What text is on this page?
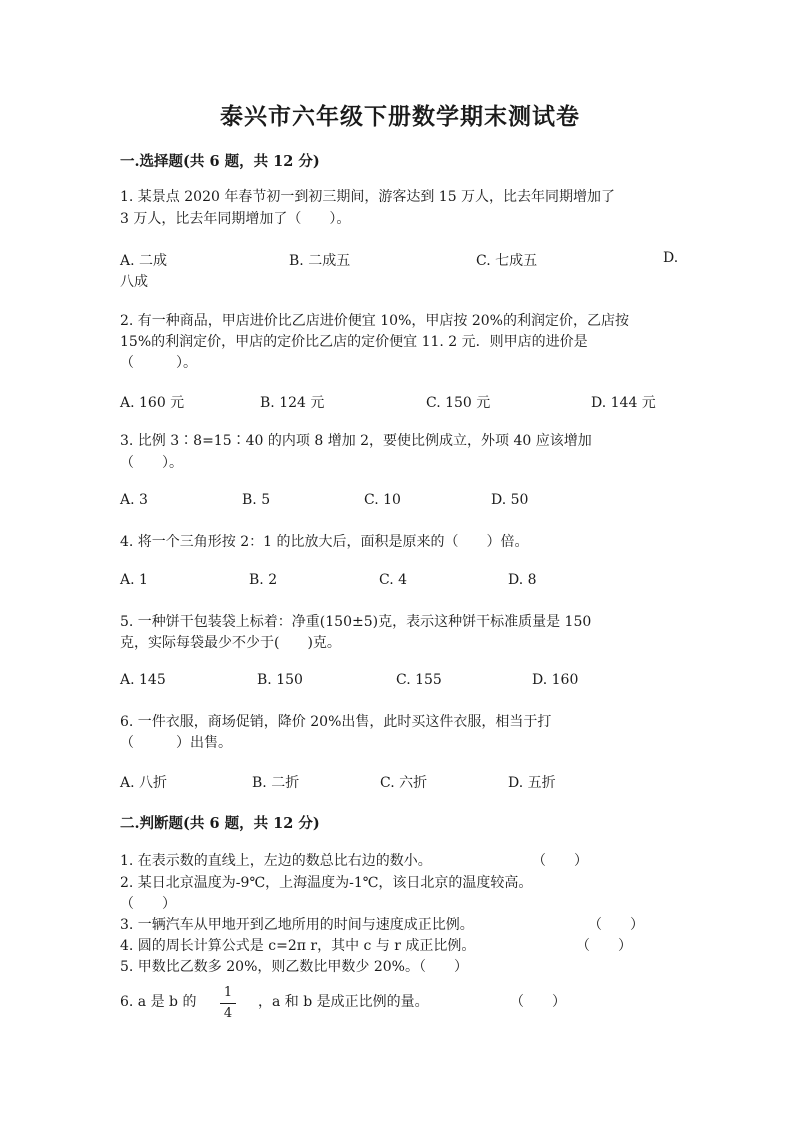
泰兴市六年级下册数学期末测试卷
一.选择题(共 6 题，共 12 分)
1. 某景点 2020 年春节初一到初三期间，游客达到 15 万人，比去年同期增加了
3 万人，比去年同期增加了（　　）。
A. 二成	B. 二成五	C. 七成五	D.
八成
2. 有一种商品，甲店进价比乙店进价便宜 10%，甲店按 20%的利润定价，乙店按
15%的利润定价，甲店的定价比乙店的定价便宜 11. 2 元．则甲店的进价是
（　　　）。
A. 160 元	B. 124 元	C. 150 元	D. 144 元
3. 比例 3∶8=15∶40 的内项 8 增加 2，要使比例成立，外项 40 应该增加
（　　）。
A. 3	B. 5	C. 10	D. 50
4. 将一个三角形按 2：1 的比放大后，面积是原来的（　　）倍。
A. 1	B. 2	C. 4	D. 8
5. 一种饼干包装袋上标着：净重(150±5)克，表示这种饼干标准质量是 150
克，实际每袋最少不少于(　　)克。
A. 145	B. 150	C. 155	D. 160
6. 一件衣服，商场促销，降价 20%出售，此时买这件衣服，相当于打
（　　　）出售。
A. 八折	B. 二折	C. 六折	D. 五折
二.判断题(共 6 题，共 12 分)
1. 在表示数的直线上，左边的数总比右边的数小。	（　　）
2. 某日北京温度为-9℃，上海温度为-1℃，该日北京的温度较高。
（　　）
3. 一辆汽车从甲地开到乙地所用的时间与速度成正比例。	（　　）
4. 圆的周长计算公式是 c=2π r，其中 c 与 r 成正比例。	（　　）
5. 甲数比乙数多 20%，则乙数比甲数少 20%。（　　）
6. a 是 b 的
1
4
，a 和 b 是成正比例的量。	（　　）
